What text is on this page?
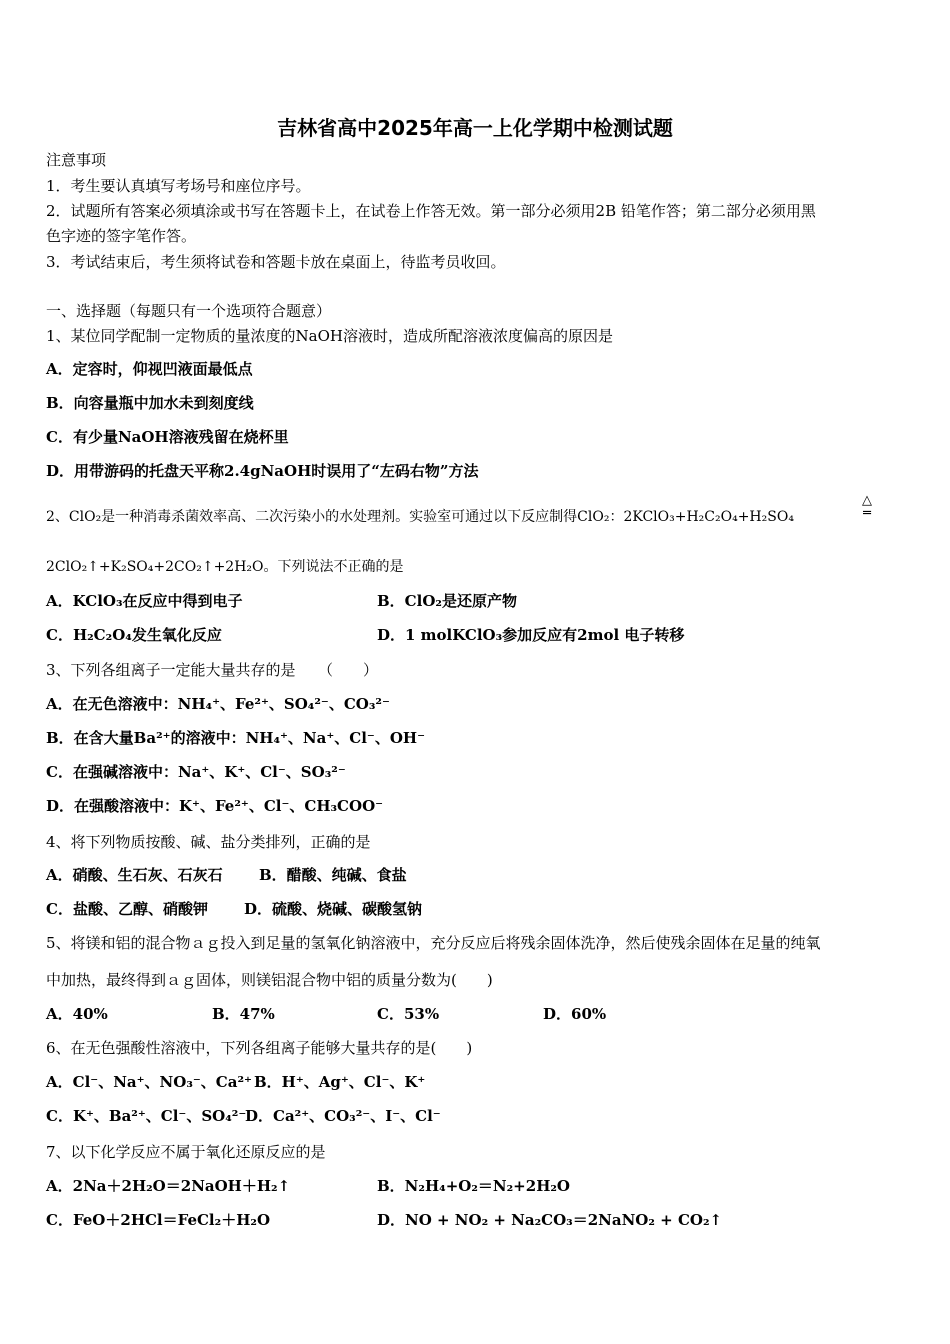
吉林省高中2025年高一上化学期中检测试题
注意事项
1．考生要认真填写考场号和座位序号。
2．试题所有答案必须填涂或书写在答题卡上，在试卷上作答无效。第一部分必须用2B 铅笔作答；第二部分必须用黑
色字迹的签字笔作答。
3．考试结束后，考生须将试卷和答题卡放在桌面上，待监考员收回。
一、选择题（每题只有一个选项符合题意）
1、某位同学配制一定物质的量浓度的NaOH溶液时，造成所配溶液浓度偏高的原因是
A．定容时，仰视凹液面最低点
B．向容量瓶中加水未到刻度线
C．有少量NaOH溶液残留在烧杯里
D．用带游码的托盘天平称2.4gNaOH时误用了“左码右物”方法
2、ClO₂是一种消毒杀菌效率高、二次污染小的水处理剂。实验室可通过以下反应制得ClO₂：2KClO₃+H₂C₂O₄+H₂SO₄
△
═
2ClO₂↑+K₂SO₄+2CO₂↑+2H₂O。下列说法不正确的是
A．KClO₃在反应中得到电子	B．ClO₂是还原产物
C．H₂C₂O₄发生氧化反应	D．1 molKClO₃参加反应有2mol 电子转移
3、下列各组离子一定能大量共存的是　　（　　）
A．在无色溶液中：NH₄⁺、Fe²⁺、SO₄²⁻、CO₃²⁻
B．在含大量Ba²⁺的溶液中：NH₄⁺、Na⁺、Cl⁻、OH⁻
C．在强碱溶液中：Na⁺、K⁺、Cl⁻、SO₃²⁻
D．在强酸溶液中：K⁺、Fe²⁺、Cl⁻、CH₃COO⁻
4、将下列物质按酸、碱、盐分类排列，正确的是
A．硝酸、生石灰、石灰石 B．醋酸、纯碱、食盐
C．盐酸、乙醇、硝酸钾 D．硫酸、烧碱、碳酸氢钠
5、将镁和铝的混合物ａｇ投入到足量的氢氧化钠溶液中，充分反应后将残余固体洗净，然后使残余固体在足量的纯氧
中加热，最终得到ａｇ固体，则镁铝混合物中铝的质量分数为(　　)
A．40%	B．47%	C．53%	D．60%
6、在无色强酸性溶液中，下列各组离子能够大量共存的是(　　)
A．Cl⁻、Na⁺、NO₃⁻、Ca²⁺ B．H⁺、Ag⁺、Cl⁻、K⁺
C．K⁺、Ba²⁺、Cl⁻、SO₄²⁻
D．Ca²⁺、CO₃²⁻、I⁻、Cl⁻
7、以下化学反应不属于氧化还原反应的是
A．2Na＋2H₂O＝2NaOH＋H₂↑	B．N₂H₄+O₂＝N₂+2H₂O
C．FeO＋2HCl＝FeCl₂＋H₂O	D．NO + NO₂ + Na₂CO₃＝2NaNO₂ + CO₂↑
